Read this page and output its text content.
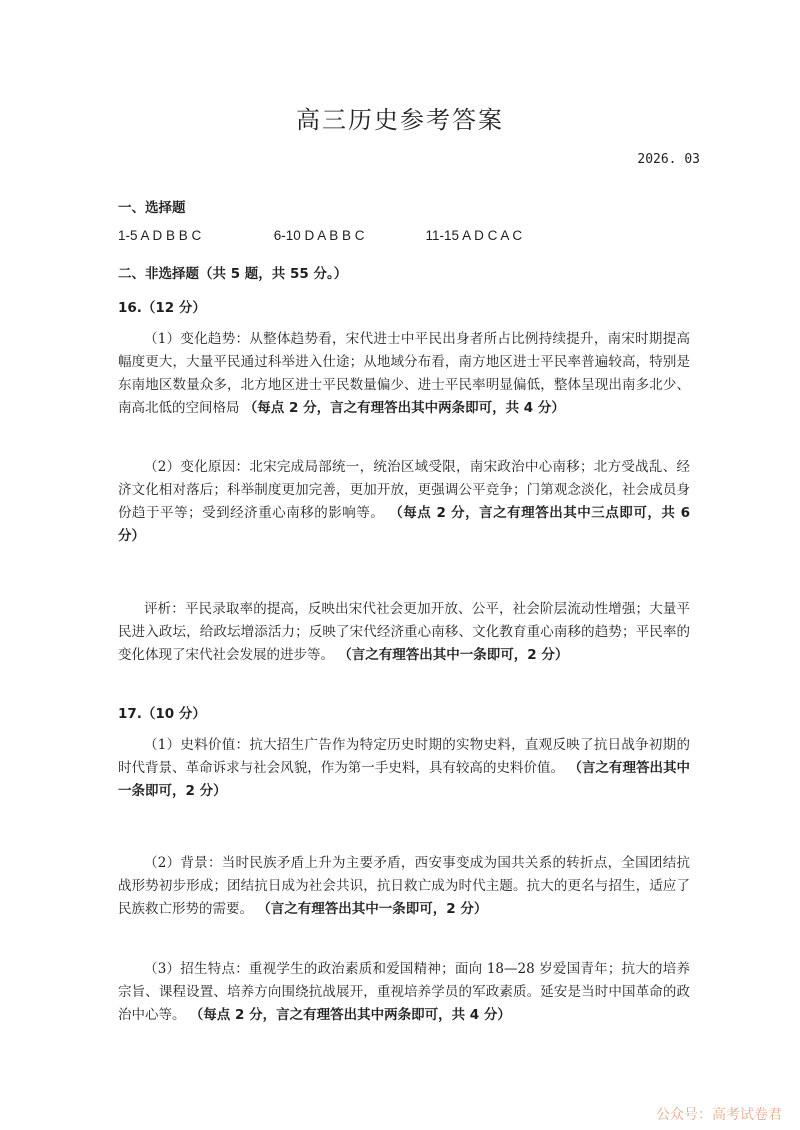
高三历史参考答案
2026. 03
一、选择题
1-5 A D B B C	6-10 D A B B C	11-15 A D C A C
二、非选择题（共 5 题，共 55 分。）
16.（12 分）
（1）变化趋势：从整体趋势看，宋代进士中平民出身者所占比例持续提升，南宋时期提高幅度更大，大量平民通过科举进入仕途；从地域分布看，南方地区进士平民率普遍较高，特别是东南地区数量众多，北方地区进士平民数量偏少、进士平民率明显偏低，整体呈现出南多北少、南高北低的空间格局 （每点 2 分，言之有理答出其中两条即可，共 4 分）
（2）变化原因：北宋完成局部统一，统治区域受限，南宋政治中心南移；北方受战乱、经济文化相对落后；科举制度更加完善，更加开放，更强调公平竞争；门第观念淡化，社会成员身份趋于平等；受到经济重心南移的影响等。 （每点 2 分，言之有理答出其中三点即可，共 6 分）
评析：平民录取率的提高，反映出宋代社会更加开放、公平，社会阶层流动性增强；大量平民进入政坛，给政坛增添活力；反映了宋代经济重心南移、文化教育重心南移的趋势；平民率的变化体现了宋代社会发展的进步等。 （言之有理答出其中一条即可，2 分）
17.（10 分）
（1）史料价值：抗大招生广告作为特定历史时期的实物史料，直观反映了抗日战争初期的时代背景、革命诉求与社会风貌，作为第一手史料，具有较高的史料价值。 （言之有理答出其中一条即可，2 分）
（2）背景：当时民族矛盾上升为主要矛盾，西安事变成为国共关系的转折点，全国团结抗战形势初步形成；团结抗日成为社会共识，抗日救亡成为时代主题。抗大的更名与招生，适应了民族救亡形势的需要。 （言之有理答出其中一条即可，2 分）
（3）招生特点：重视学生的政治素质和爱国精神；面向 18—28 岁爱国青年；抗大的培养宗旨、课程设置、培养方向围绕抗战展开，重视培养学员的军政素质。延安是当时中国革命的政治中心等。 （每点 2 分，言之有理答出其中两条即可，共 4 分）
公众号：高考试卷君
